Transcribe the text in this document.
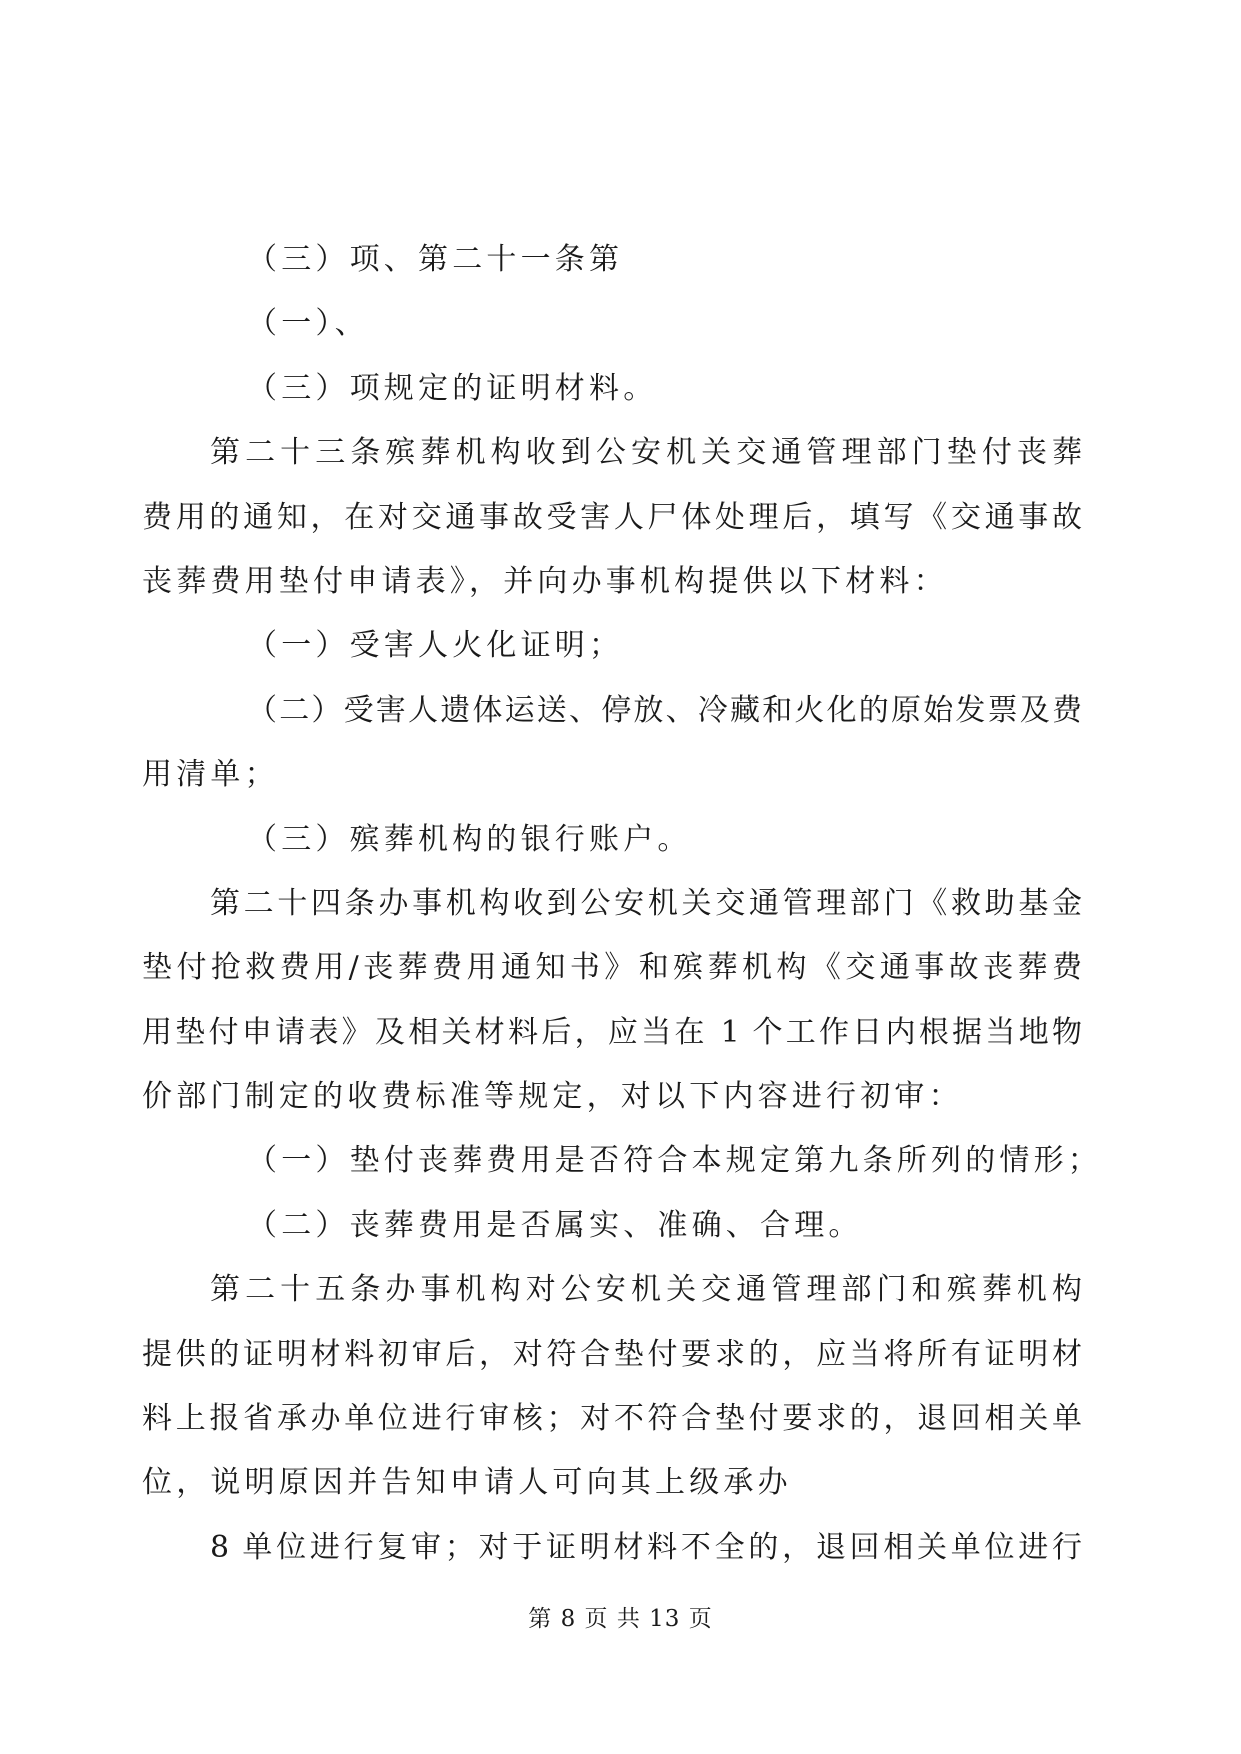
（三）项、第二十一条第
（一）、
（三）项规定的证明材料。
第二十三条殡葬机构收到公安机关交通管理部门垫付丧葬
费用的通知，在对交通事故受害人尸体处理后，填写《交通事故
丧葬费用垫付申请表》，并向办事机构提供以下材料：
（一）受害人火化证明；
（二）受害人遗体运送、停放、冷藏和火化的原始发票及费
用清单；
（三）殡葬机构的银行账户。
第二十四条办事机构收到公安机关交通管理部门《救助基金
垫付抢救费用/丧葬费用通知书》和殡葬机构《交通事故丧葬费
用垫付申请表》及相关材料后，应当在 1 个工作日内根据当地物
价部门制定的收费标准等规定，对以下内容进行初审：
（一）垫付丧葬费用是否符合本规定第九条所列的情形；
（二）丧葬费用是否属实、准确、合理。
第二十五条办事机构对公安机关交通管理部门和殡葬机构
提供的证明材料初审后，对符合垫付要求的，应当将所有证明材
料上报省承办单位进行审核；对不符合垫付要求的，退回相关单
位，说明原因并告知申请人可向其上级承办
8 单位进行复审；对于证明材料不全的，退回相关单位进行
第 8 页 共 13 页
